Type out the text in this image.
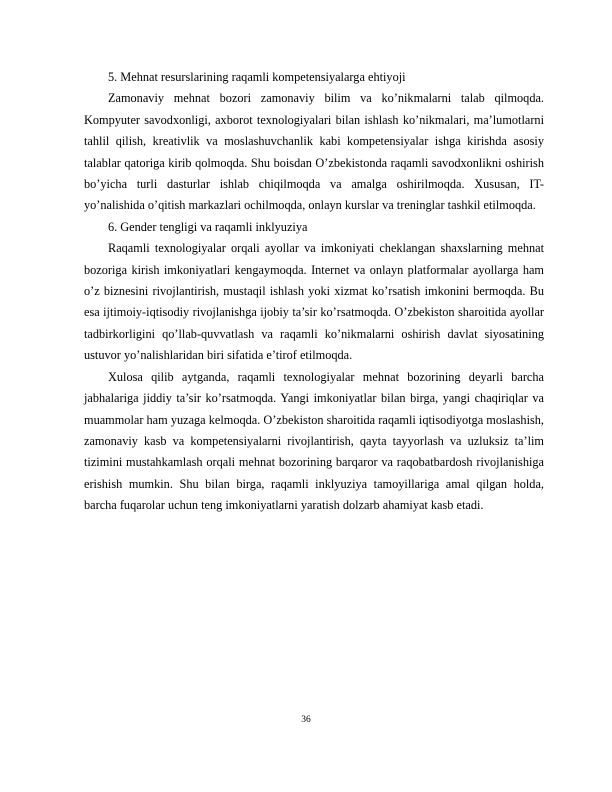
5. Mehnat resurslarining raqamli kompetensiyalarga ehtiyoji

Zamonaviy mehnat bozori zamonaviy bilim va ko’nikmalarni talab qilmoqda. Kompyuter savodxonligi, axborot texnologiyalari bilan ishlash ko’nikmalari, ma’lumotlarni tahlil qilish, kreativlik va moslashuvchanlik kabi kompetensiyalar ishga kirishda asosiy talablar qatoriga kirib qolmoqda. Shu boisdan O’zbekistonda raqamli savodxonlikni oshirish bo’yicha turli dasturlar ishlab chiqilmoqda va amalga oshirilmoqda. Xususan, IT-yo’nalishida o’qitish markazlari ochilmoqda, onlayn kurslar va treninglar tashkil etilmoqda.

6. Gender tengligi va raqamli inklyuziya

Raqamli texnologiyalar orqali ayollar va imkoniyati cheklangan shaxslarning mehnat bozoriga kirish imkoniyatlari kengaymoqda. Internet va onlayn platformalar ayollarga ham o’z biznesini rivojlantirish, mustaqil ishlash yoki xizmat ko’rsatish imkonini bermoqda. Bu esa ijtimoiy-iqtisodiy rivojlanishga ijobiy ta’sir ko’rsatmoqda. O’zbekiston sharoitida ayollar tadbirkorligini qo’llab-quvvatlash va raqamli ko’nikmalarni oshirish davlat siyosatining ustuvor yo’nalishlaridan biri sifatida e’tirof etilmoqda.

Xulosa qilib aytganda, raqamli texnologiyalar mehnat bozorining deyarli barcha jabhalariga jiddiy ta’sir ko’rsatmoqda. Yangi imkoniyatlar bilan birga, yangi chaqiriqlar va muammolar ham yuzaga kelmoqda. O’zbekiston sharoitida raqamli iqtisodiyotga moslashish, zamonaviy kasb va kompetensiyalarni rivojlantirish, qayta tayyorlash va uzluksiz ta’lim tizimini mustahkamlash orqali mehnat bozorining barqaror va raqobatbardosh rivojlanishiga erishish mumkin. Shu bilan birga, raqamli inklyuziya tamoyillariga amal qilgan holda, barcha fuqarolar uchun teng imkoniyatlarni yaratish dolzarb ahamiyat kasb etadi.

36
